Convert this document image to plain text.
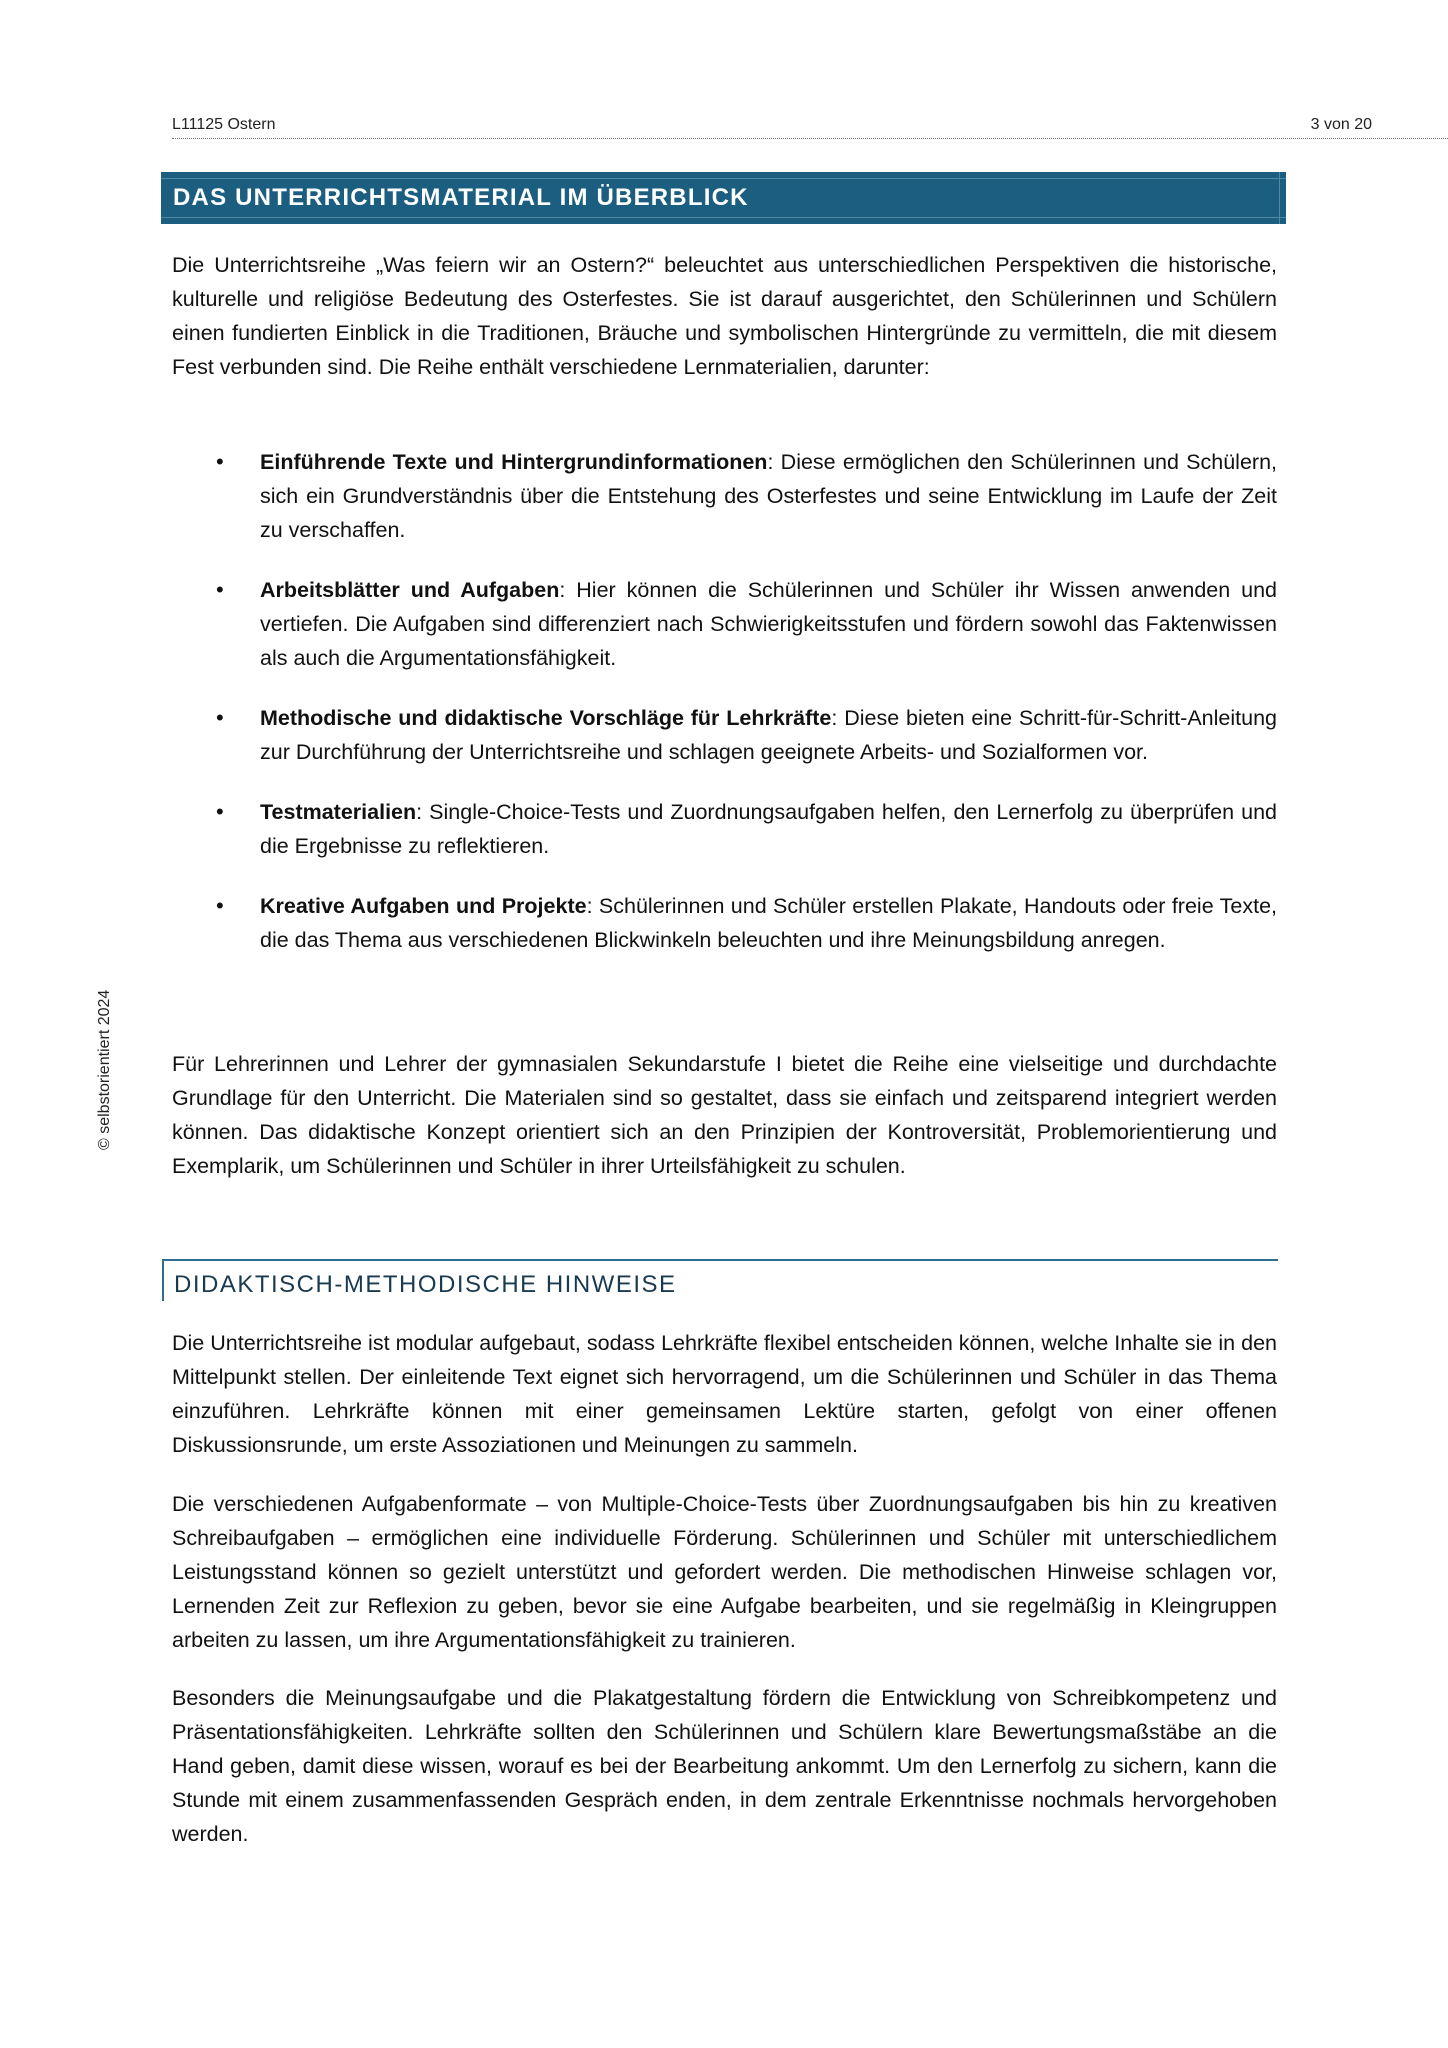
L11125 Ostern	3 von 20
© selbstorientiert 2024
DAS UNTERRICHTSMATERIAL IM ÜBERBLICK

Die Unterrichtsreihe „Was feiern wir an Ostern?“ beleuchtet aus unterschiedlichen Perspektiven die historische, kulturelle und religiöse Bedeutung des Osterfestes. Sie ist darauf ausgerichtet, den Schülerinnen und Schülern einen fundierten Einblick in die Traditionen, Bräuche und symbolischen Hintergründe zu vermitteln, die mit diesem Fest verbunden sind. Die Reihe enthält verschiedene Lernmaterialien, darunter:

• Einführende Texte und Hintergrundinformationen: Diese ermöglichen den Schülerinnen und Schülern, sich ein Grundverständnis über die Entstehung des Osterfestes und seine Entwicklung im Laufe der Zeit zu verschaffen.
• Arbeitsblätter und Aufgaben: Hier können die Schülerinnen und Schüler ihr Wissen anwenden und vertiefen. Die Aufgaben sind differenziert nach Schwierigkeitsstufen und fördern sowohl das Faktenwissen als auch die Argumentationsfähigkeit.
• Methodische und didaktische Vorschläge für Lehrkräfte: Diese bieten eine Schritt-für-Schritt-Anleitung zur Durchführung der Unterrichtsreihe und schlagen geeignete Arbeits- und Sozialformen vor.
• Testmaterialien: Single-Choice-Tests und Zuordnungsaufgaben helfen, den Lernerfolg zu überprüfen und die Ergebnisse zu reflektieren.
• Kreative Aufgaben und Projekte: Schülerinnen und Schüler erstellen Plakate, Handouts oder freie Texte, die das Thema aus verschiedenen Blickwinkeln beleuchten und ihre Meinungsbildung anregen.

Für Lehrerinnen und Lehrer der gymnasialen Sekundarstufe I bietet die Reihe eine vielseitige und durchdachte Grundlage für den Unterricht. Die Materialen sind so gestaltet, dass sie einfach und zeitsparend integriert werden können. Das didaktische Konzept orientiert sich an den Prinzipien der Kontroversität, Problemorientierung und Exemplarik, um Schülerinnen und Schüler in ihrer Urteilsfähigkeit zu schulen.

DIDAKTISCH-METHODISCHE HINWEISE

Die Unterrichtsreihe ist modular aufgebaut, sodass Lehrkräfte flexibel entscheiden können, welche Inhalte sie in den Mittelpunkt stellen. Der einleitende Text eignet sich hervorragend, um die Schülerinnen und Schüler in das Thema einzuführen. Lehrkräfte können mit einer gemeinsamen Lektüre starten, gefolgt von einer offenen Diskussionsrunde, um erste Assoziationen und Meinungen zu sammeln.

Die verschiedenen Aufgabenformate – von Multiple-Choice-Tests über Zuordnungsaufgaben bis hin zu kreativen Schreibaufgaben – ermöglichen eine individuelle Förderung. Schülerinnen und Schüler mit unterschiedlichem Leistungsstand können so gezielt unterstützt und gefordert werden. Die methodischen Hinweise schlagen vor, Lernenden Zeit zur Reflexion zu geben, bevor sie eine Aufgabe bearbeiten, und sie regelmäßig in Kleingruppen arbeiten zu lassen, um ihre Argumentationsfähigkeit zu trainieren.

Besonders die Meinungsaufgabe und die Plakatgestaltung fördern die Entwicklung von Schreibkompetenz und Präsentationsfähigkeiten. Lehrkräfte sollten den Schülerinnen und Schülern klare Bewertungsmaßstäbe an die Hand geben, damit diese wissen, worauf es bei der Bearbeitung ankommt. Um den Lernerfolg zu sichern, kann die Stunde mit einem zusammenfassenden Gespräch enden, in dem zentrale Erkenntnisse nochmals hervorgehoben werden.
